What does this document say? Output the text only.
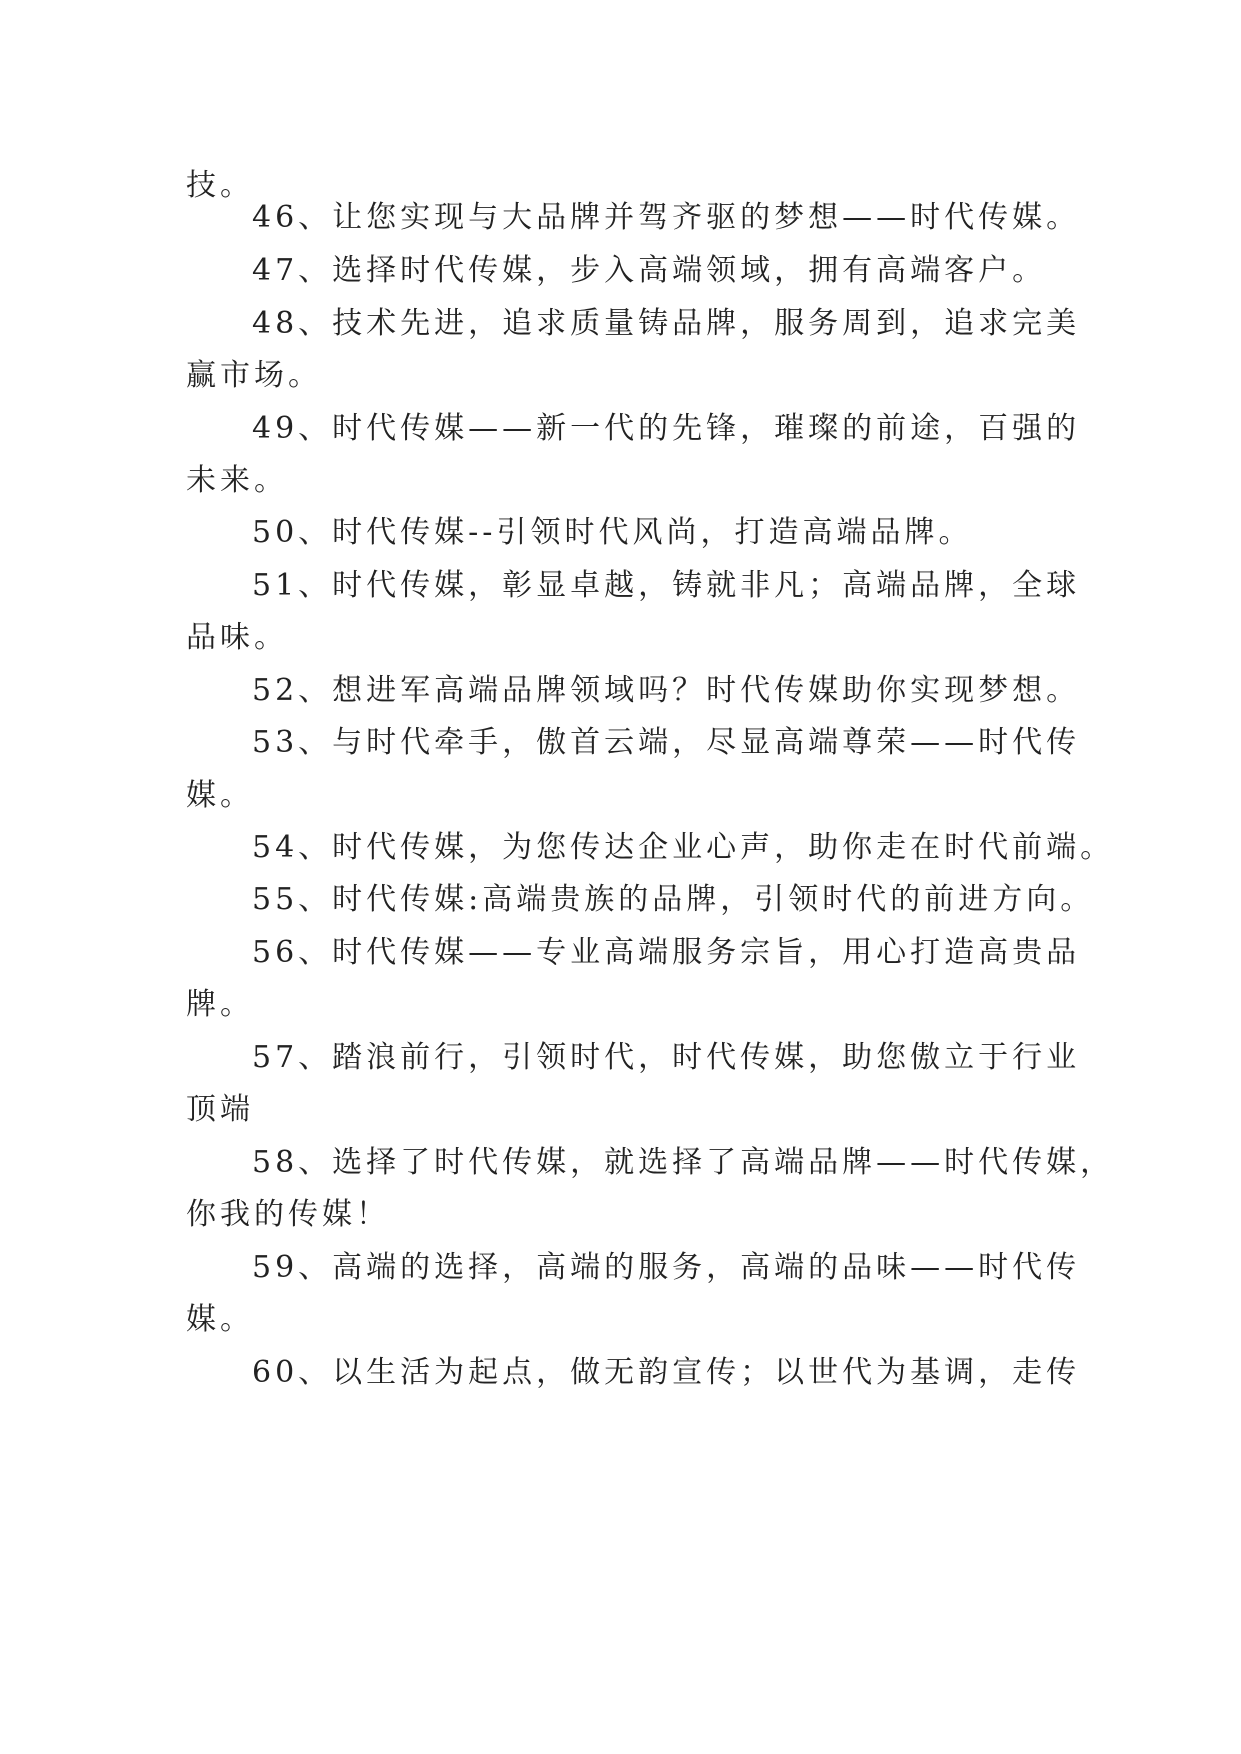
技。

46、让您实现与大品牌并驾齐驱的梦想——时代传媒。

47、选择时代传媒，步入高端领域，拥有高端客户。

48、技术先进，追求质量铸品牌，服务周到，追求完美

赢市场。

49、时代传媒——新一代的先锋，璀璨的前途，百强的

未来。

50、时代传媒--引领时代风尚，打造高端品牌。

51、时代传媒，彰显卓越，铸就非凡；高端品牌，全球

品味。

52、想进军高端品牌领域吗？时代传媒助你实现梦想。

53、与时代牵手，傲首云端，尽显高端尊荣——时代传

媒。

54、时代传媒，为您传达企业心声，助你走在时代前端。

55、时代传媒:高端贵族的品牌，引领时代的前进方向。

56、时代传媒——专业高端服务宗旨，用心打造高贵品

牌。

57、踏浪前行，引领时代，时代传媒，助您傲立于行业

顶端

58、选择了时代传媒，就选择了高端品牌——时代传媒，

你我的传媒！

59、高端的选择，高端的服务，高端的品味——时代传

媒。

60、以生活为起点，做无韵宣传；以世代为基调，走传
